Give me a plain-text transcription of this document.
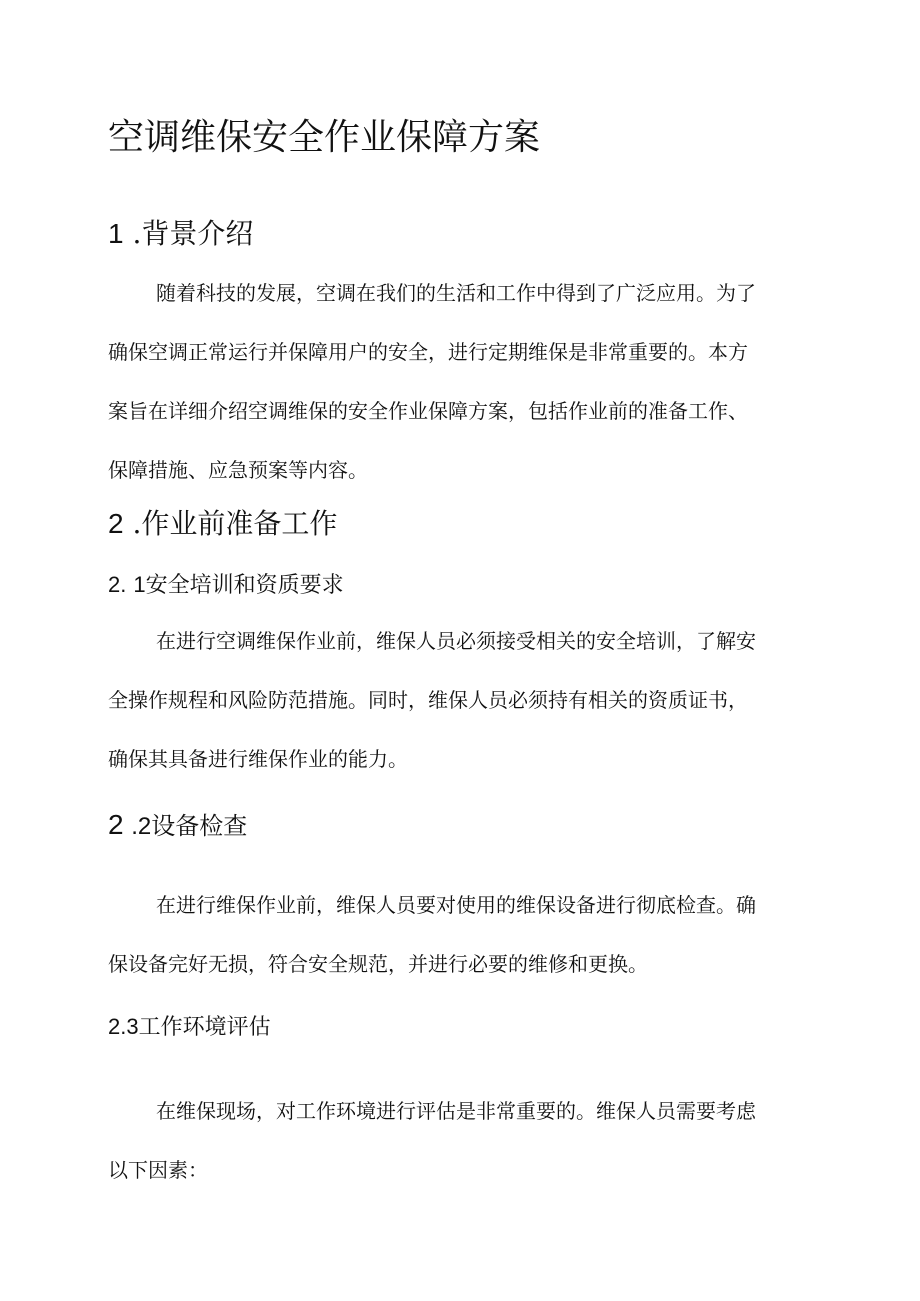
空调维保安全作业保障方案
1 .背景介绍
随着科技的发展，空调在我们的生活和工作中得到了广泛应用。为了
确保空调正常运行并保障用户的安全，进行定期维保是非常重要的。本方
案旨在详细介绍空调维保的安全作业保障方案，包括作业前的准备工作、
保障措施、应急预案等内容。
2 .作业前准备工作
2. 1安全培训和资质要求
在进行空调维保作业前，维保人员必须接受相关的安全培训，了解安
全操作规程和风险防范措施。同时，维保人员必须持有相关的资质证书，
确保其具备进行维保作业的能力。
2 .2设备检查
在进行维保作业前，维保人员要对使用的维保设备进行彻底检查。确
保设备完好无损，符合安全规范，并进行必要的维修和更换。
2.3工作环境评估
在维保现场，对工作环境进行评估是非常重要的。维保人员需要考虑
以下因素：
